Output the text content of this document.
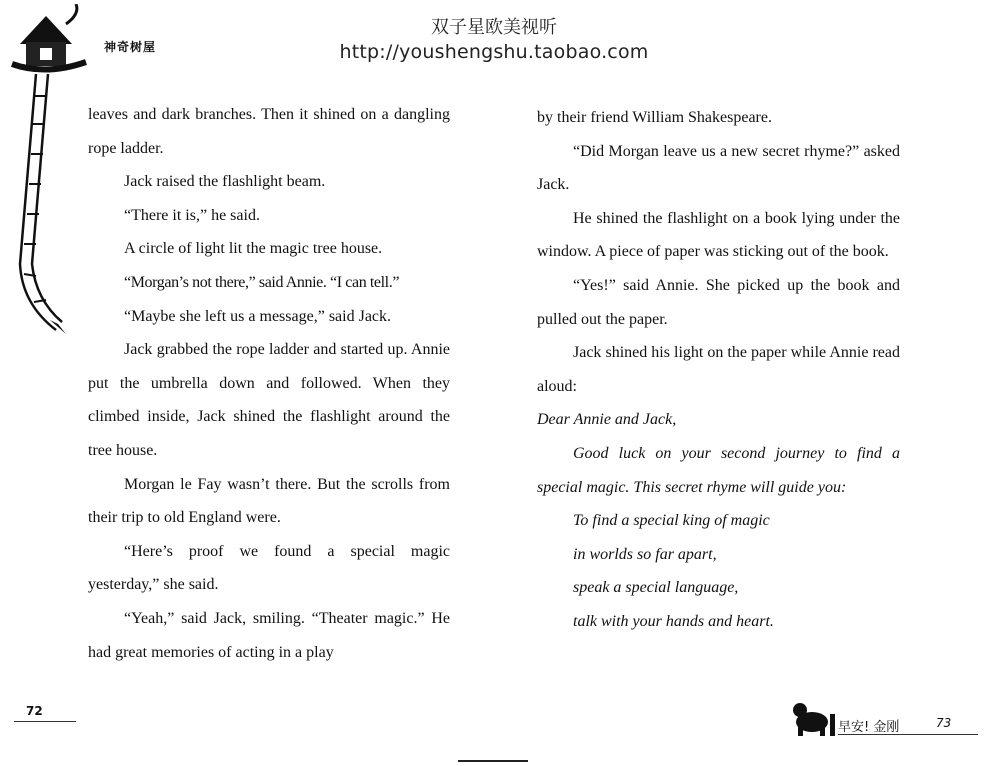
双子星欧美视听
http://youshengshu.taobao.com
神奇树屋

leaves and dark branches. Then it shined on a dangling rope ladder.

Jack raised the flashlight beam.

“There it is,” he said.

A circle of light lit the magic tree house.

“Morgan’s not there,” said Annie. “I can tell.”

“Maybe she left us a message,” said Jack.

Jack grabbed the rope ladder and started up. Annie put the umbrella down and followed. When they climbed inside, Jack shined the flashlight around the tree house.

Morgan le Fay wasn’t there. But the scrolls from their trip to old England were.

“Here’s proof we found a special magic yesterday,” she said.

“Yeah,” said Jack, smiling. “Theater magic.” He had great memories of acting in a play

by their friend William Shakespeare.

“Did Morgan leave us a new secret rhyme?” asked Jack.

He shined the flashlight on a book lying under the window. A piece of paper was sticking out of the book.

“Yes!” said Annie. She picked up the book and pulled out the paper.

Jack shined his light on the paper while Annie read aloud:

Dear Annie and Jack,

Good luck on your second journey to find a special magic. This secret rhyme will guide you:

To find a special king of magic

in worlds so far apart,

speak a special language,

talk with your hands and heart.

72
早安! 金刚	73
